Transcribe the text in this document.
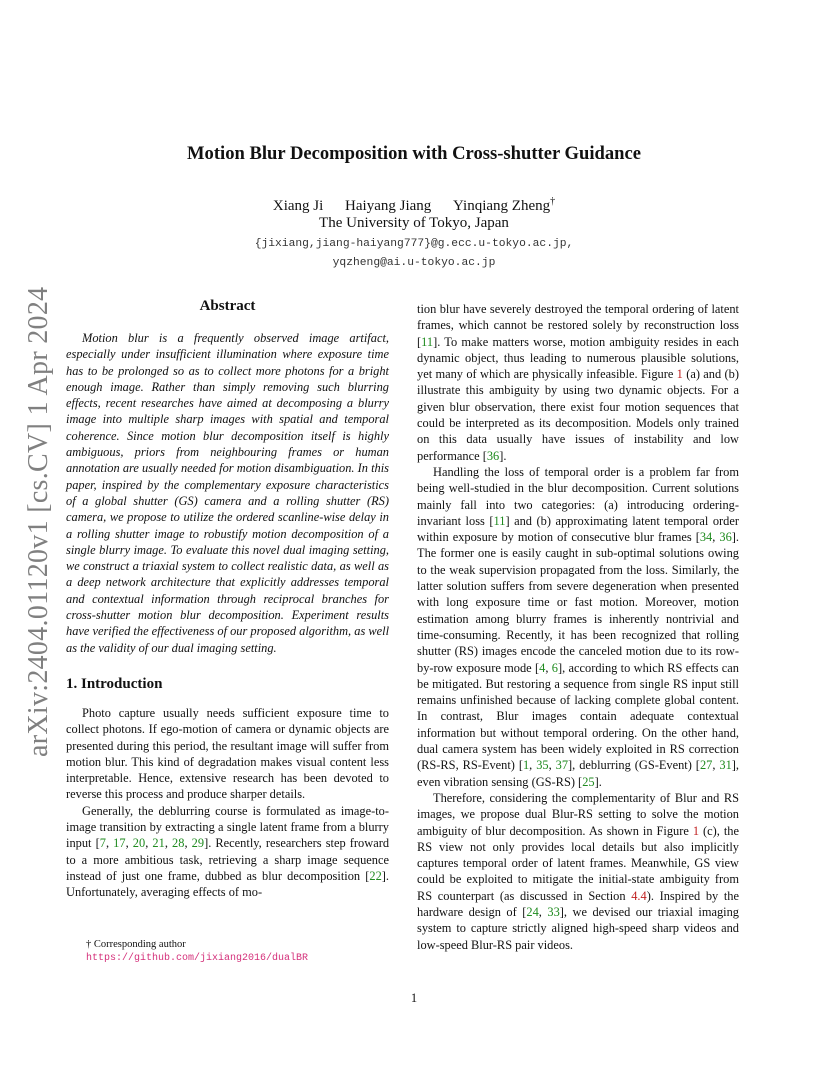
arXiv:2404.01120v1 [cs.CV] 1 Apr 2024
Motion Blur Decomposition with Cross-shutter Guidance
Xiang Ji Haiyang Jiang Yinqiang Zheng†
The University of Tokyo, Japan
{jixiang,jiang-haiyang777}@g.ecc.u-tokyo.ac.jp,
yqzheng@ai.u-tokyo.ac.jp
Abstract

Motion blur is a frequently observed image artifact, especially under insufficient illumination where exposure time has to be prolonged so as to collect more photons for a bright enough image. Rather than simply removing such blurring effects, recent researches have aimed at decomposing a blurry image into multiple sharp images with spatial and temporal coherence. Since motion blur decomposition itself is highly ambiguous, priors from neighbouring frames or human annotation are usually needed for motion disambiguation. In this paper, inspired by the complementary exposure characteristics of a global shutter (GS) camera and a rolling shutter (RS) camera, we propose to utilize the ordered scanline-wise delay in a rolling shutter image to robustify motion decomposition of a single blurry image. To evaluate this novel dual imaging setting, we construct a triaxial system to collect realistic data, as well as a deep network architecture that explicitly addresses temporal and contextual information through reciprocal branches for cross-shutter motion blur decomposition. Experiment results have verified the effectiveness of our proposed algorithm, as well as the validity of our dual imaging setting.

1. Introduction

Photo capture usually needs sufficient exposure time to collect photons. If ego-motion of camera or dynamic objects are presented during this period, the resultant image will suffer from motion blur. This kind of degradation makes visual content less interpretable. Hence, extensive research has been devoted to reverse this process and produce sharper details.

Generally, the deblurring course is formulated as image-to-image transition by extracting a single latent frame from a blurry input [7, 17, 20, 21, 28, 29]. Recently, researchers step froward to a more ambitious task, retrieving a sharp image sequence instead of just one frame, dubbed as blur decomposition [22]. Unfortunately, averaging effects of mo-

tion blur have severely destroyed the temporal ordering of latent frames, which cannot be restored solely by reconstruction loss [11]. To make matters worse, motion ambiguity resides in each dynamic object, thus leading to numerous plausible solutions, yet many of which are physically infeasible. Figure 1 (a) and (b) illustrate this ambiguity by using two dynamic objects. For a given blur observation, there exist four motion sequences that could be interpreted as its decomposition. Models only trained on this data usually have issues of instability and low performance [36].

Handling the loss of temporal order is a problem far from being well-studied in the blur decomposition. Current solutions mainly fall into two categories: (a) introducing ordering-invariant loss [11] and (b) approximating latent temporal order within exposure by motion of consecutive blur frames [34, 36]. The former one is easily caught in sub-optimal solutions owing to the weak supervision propagated from the loss. Similarly, the latter solution suffers from severe degeneration when presented with long exposure time or fast motion. Moreover, motion estimation among blurry frames is inherently nontrivial and time-consuming. Recently, it has been recognized that rolling shutter (RS) images encode the canceled motion due to its row-by-row exposure mode [4, 6], according to which RS effects can be mitigated. But restoring a sequence from single RS input still remains unfinished because of lacking complete global content. In contrast, Blur images contain adequate contextual information but without temporal ordering. On the other hand, dual camera system has been widely exploited in RS correction (RS-RS, RS-Event) [1, 35, 37], deblurring (GS-Event) [27, 31], even vibration sensing (GS-RS) [25].

Therefore, considering the complementarity of Blur and RS images, we propose dual Blur-RS setting to solve the motion ambiguity of blur decomposition. As shown in Figure 1 (c), the RS view not only provides local details but also implicitly captures temporal order of latent frames. Meanwhile, GS view could be exploited to mitigate the initial-state ambiguity from RS counterpart (as discussed in Section 4.4). Inspired by the hardware design of [24, 33], we devised our triaxial imaging system to capture strictly aligned high-speed sharp videos and low-speed Blur-RS pair videos.

† Corresponding author
https://github.com/jixiang2016/dualBR
1
